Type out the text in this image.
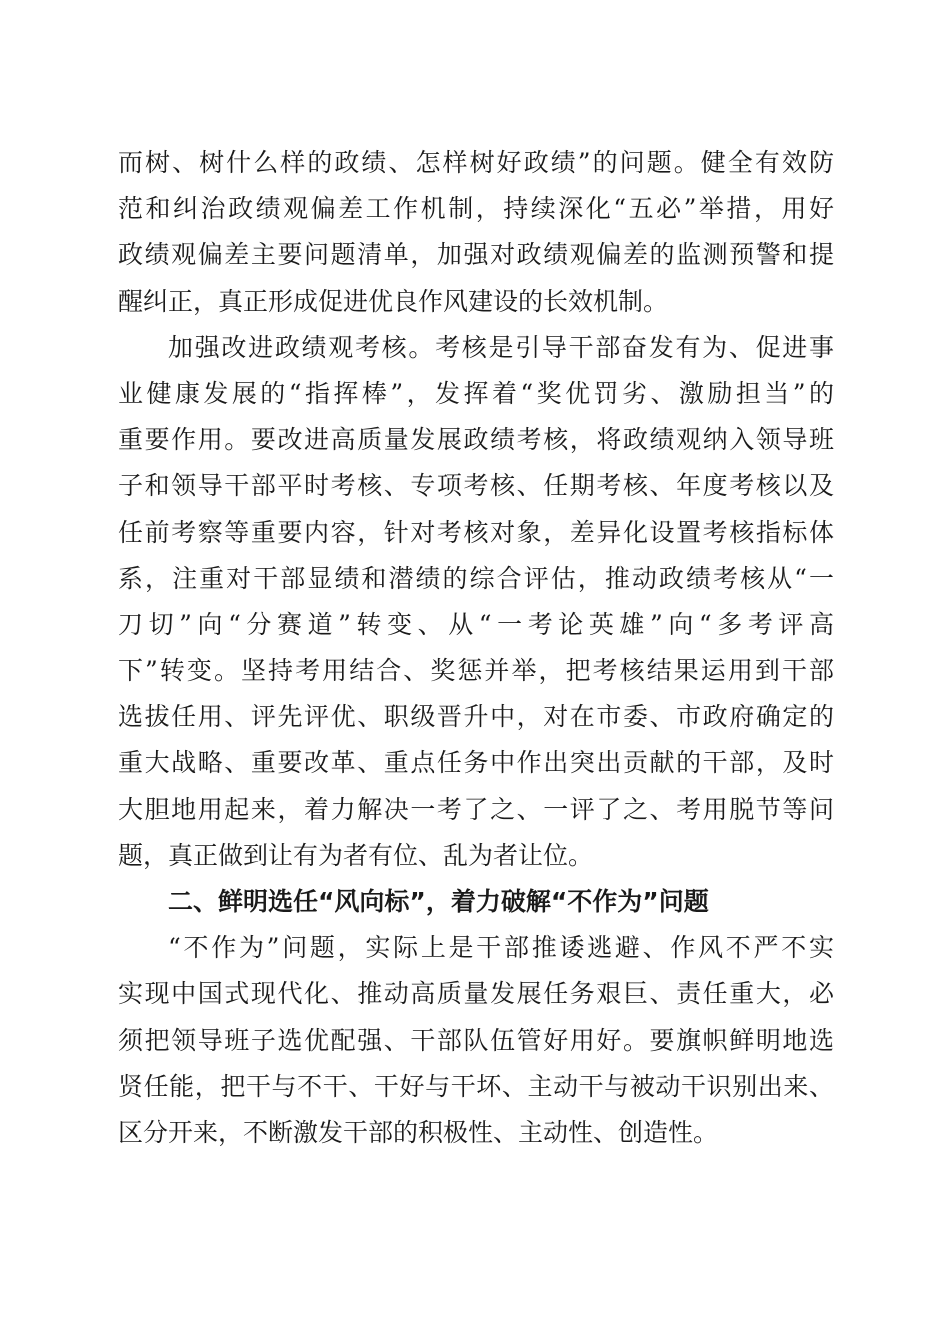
而树、树什么样的政绩、怎样树好政绩”的问题。健全有效防
范和纠治政绩观偏差工作机制，持续深化“五必”举措，用好
政绩观偏差主要问题清单，加强对政绩观偏差的监测预警和提
醒纠正，真正形成促进优良作风建设的长效机制。
加强改进政绩观考核。考核是引导干部奋发有为、促进事
业健康发展的“指挥棒”，发挥着“奖优罚劣、激励担当”的
重要作用。要改进高质量发展政绩考核，将政绩观纳入领导班
子和领导干部平时考核、专项考核、任期考核、年度考核以及
任前考察等重要内容，针对考核对象，差异化设置考核指标体
系，注重对干部显绩和潜绩的综合评估，推动政绩考核从“一
刀切”向“分赛道”转变、从“一考论英雄”向“多考评高
下”转变。坚持考用结合、奖惩并举，把考核结果运用到干部
选拔任用、评先评优、职级晋升中，对在市委、市政府确定的
重大战略、重要改革、重点任务中作出突出贡献的干部，及时
大胆地用起来，着力解决一考了之、一评了之、考用脱节等问
题，真正做到让有为者有位、乱为者让位。
二、鲜明选任“风向标”，着力破解“不作为”问题
“不作为”问题，实际上是干部推诿逃避、作风不严不实
实现中国式现代化、推动高质量发展任务艰巨、责任重大，必
须把领导班子选优配强、干部队伍管好用好。要旗帜鲜明地选
贤任能，把干与不干、干好与干坏、主动干与被动干识别出来、
区分开来，不断激发干部的积极性、主动性、创造性。
